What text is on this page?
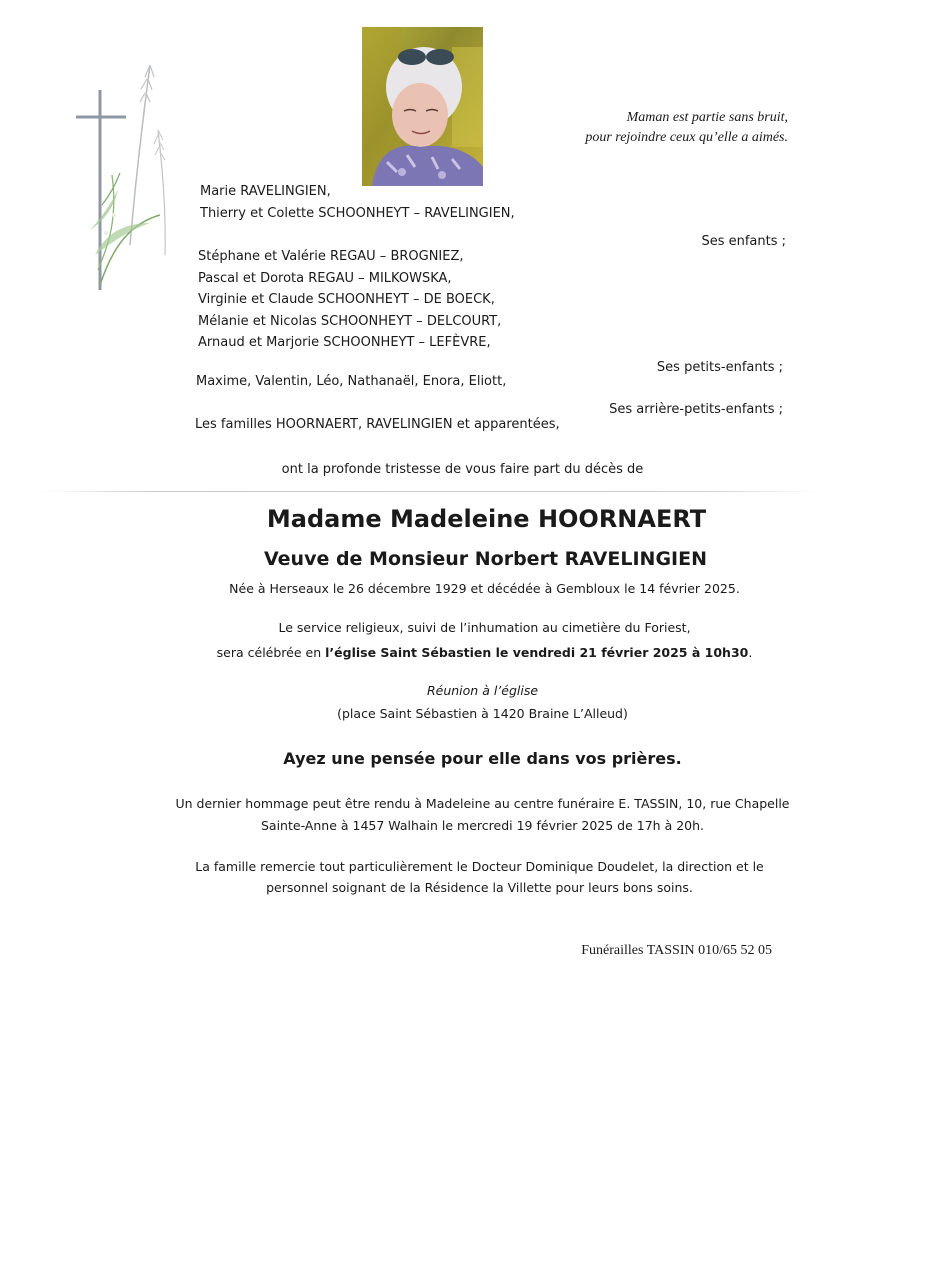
Maman est partie sans bruit,
pour rejoindre ceux qu’elle a aimés.
Marie RAVELINGIEN,
Thierry et Colette SCHOONHEYT – RAVELINGIEN,
Ses enfants ;
Stéphane et Valérie REGAU – BROGNIEZ,
Pascal et Dorota REGAU – MILKOWSKA,
Virginie et Claude SCHOONHEYT – DE BOECK,
Mélanie et Nicolas SCHOONHEYT – DELCOURT,
Arnaud et Marjorie SCHOONHEYT – LEFÈVRE,
Ses petits-enfants ;
Maxime, Valentin, Léo, Nathanaël, Enora, Eliott,
Ses arrière-petits-enfants ;
Les familles HOORNAERT, RAVELINGIEN et apparentées,
ont la profonde tristesse de vous faire part du décès de
Madame Madeleine HOORNAERT
Veuve de Monsieur Norbert RAVELINGIEN
Née à Herseaux le 26 décembre 1929 et décédée à Gembloux le 14 février 2025.
Le service religieux, suivi de l’inhumation au cimetière du Foriest,
sera célébrée en l’église Saint Sébastien le vendredi 21 février 2025 à 10h30.
Réunion à l’église
(place Saint Sébastien à 1420 Braine L’Alleud)
Ayez une pensée pour elle dans vos prières.
Un dernier hommage peut être rendu à Madeleine au centre funéraire E. TASSIN, 10, rue Chapelle
Sainte-Anne à 1457 Walhain le mercredi 19 février 2025 de 17h à 20h.
La famille remercie tout particulièrement le Docteur Dominique Doudelet, la direction et le
personnel soignant de la Résidence la Villette pour leurs bons soins.
Funérailles TASSIN 010/65 52 05
